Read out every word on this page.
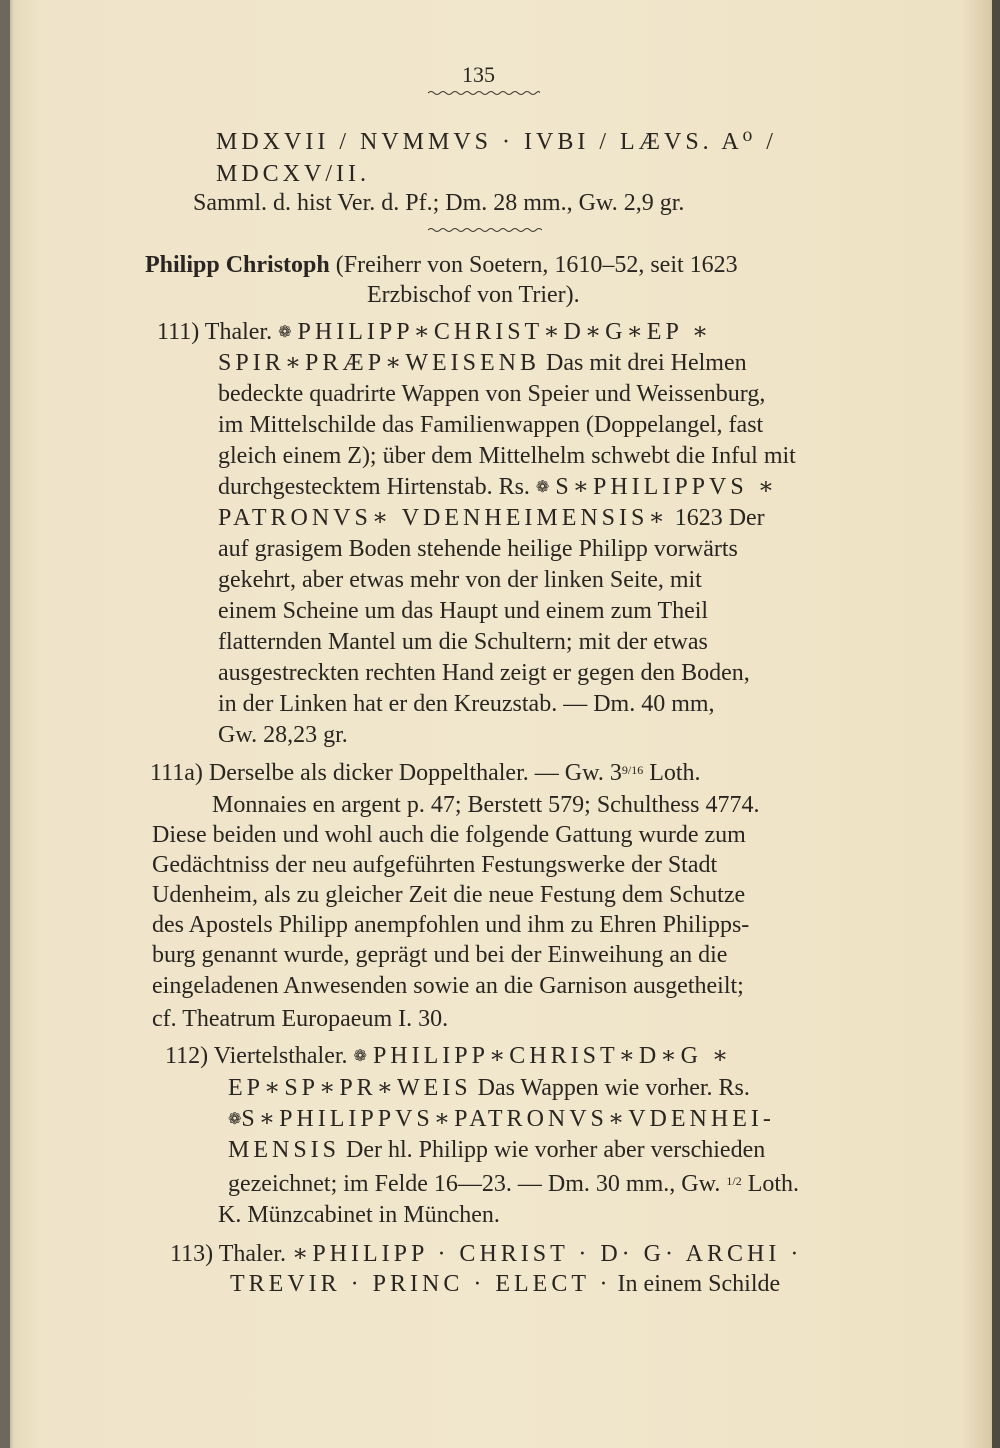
135
MDXVII / NVMMVS · IVBI / LÆVS. A⁰ /
MDCXV/II.
Samml. d. hist Ver. d. Pf.; Dm. 28 mm., Gw. 2,9 gr.
Philipp Christoph (Freiherr von Soetern, 1610–52, seit 1623
Erzbischof von Trier).
111) Thaler. ❁ PHILIPP∗CHRIST∗D∗G∗EP ∗
SPIR∗PRÆP∗WEISENB Das mit drei Helmen
bedeckte quadrirte Wappen von Speier und Weissenburg,
im Mittelschilde das Familienwappen (Doppelangel, fast
gleich einem Z); über dem Mittelhelm schwebt die Inful mit
durchgestecktem Hirtenstab. Rs. ❁ S∗PHILIPPVS ∗
PATRONVS∗ VDENHEIMENSIS∗ 1623 Der
auf grasigem Boden stehende heilige Philipp vorwärts
gekehrt, aber etwas mehr von der linken Seite, mit
einem Scheine um das Haupt und einem zum Theil
flatternden Mantel um die Schultern; mit der etwas
ausgestreckten rechten Hand zeigt er gegen den Boden,
in der Linken hat er den Kreuzstab. — Dm. 40 mm,
Gw. 28,23 gr.
111a) Derselbe als dicker Doppelthaler. — Gw. $3^{9/16}$ Loth.
Monnaies en argent p. 47; Berstett 579; Schulthess 4774.
Diese beiden und wohl auch die folgende Gattung wurde zum
Gedächtniss der neu aufgeführten Festungswerke der Stadt
Udenheim, als zu gleicher Zeit die neue Festung dem Schutze
des Apostels Philipp anempfohlen und ihm zu Ehren Philipps-
burg genannt wurde, geprägt und bei der Einweihung an die
eingeladenen Anwesenden sowie an die Garnison ausgetheilt;
cf. Theatrum Europaeum I. 30.
112) Viertelsthaler. ❁ PHILIPP∗CHRIST∗D∗G ∗
EP∗SP∗PR∗WEIS Das Wappen wie vorher. Rs.
❁S∗PHILIPPVS∗PATRONVS∗VDENHEI-
MENSIS Der hl. Philipp wie vorher aber verschieden
gezeichnet; im Felde 16—23. — Dm. 30 mm., Gw. $^{1/2}$ Loth.
K. Münzcabinet in München.
113) Thaler. ∗PHILIPP · CHRIST · D· G· ARCHI ·
TREVIR · PRINC · ELECT · In einem Schilde
